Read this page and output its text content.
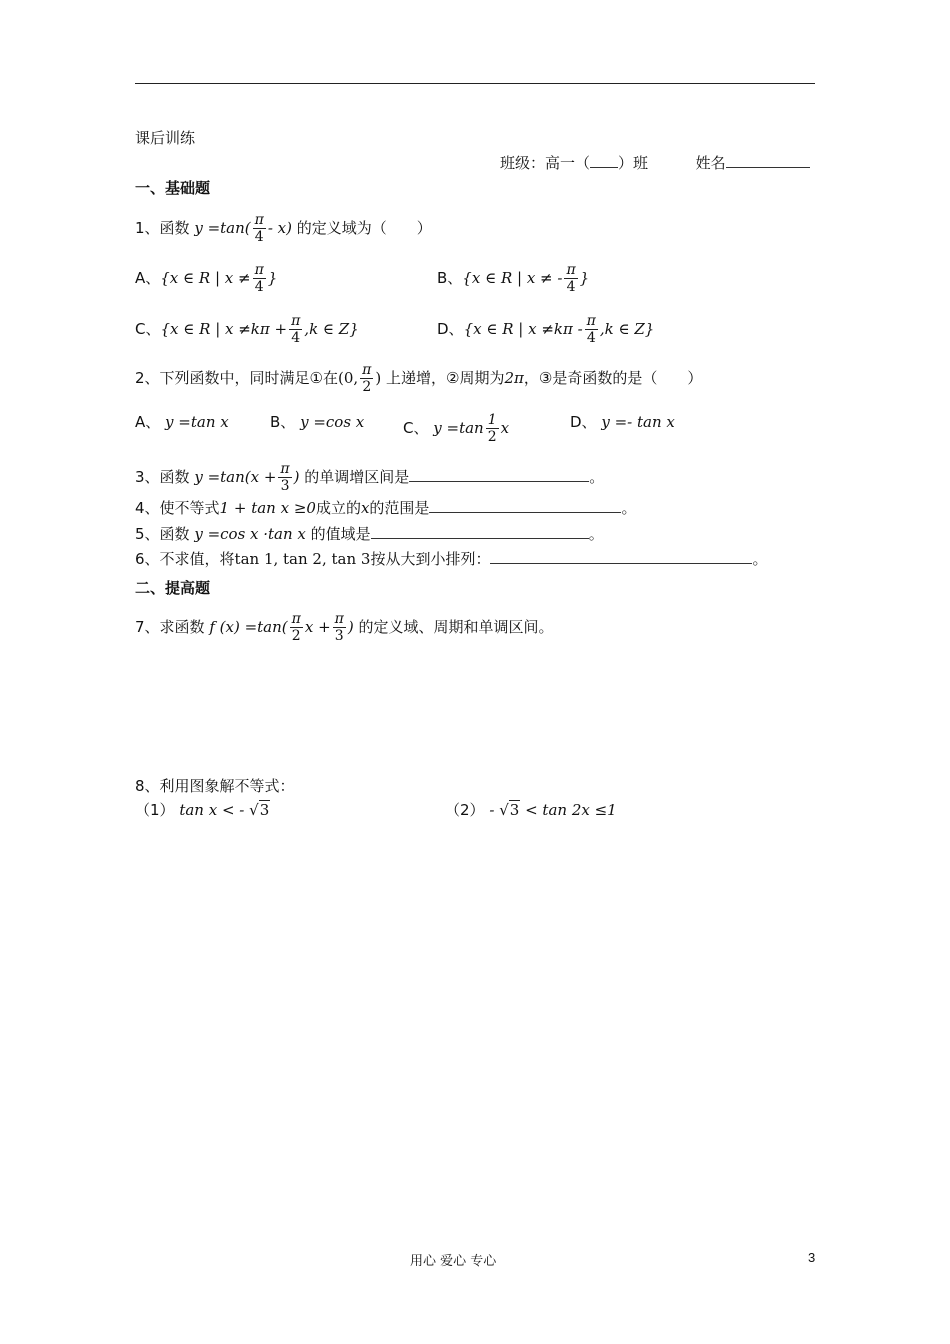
课后训练
班级：高一（ ）班	姓名
一、基础题
1、函数 $y =\tan( \frac{\pi}{4} - x)$ 的定义域为（　　）
A、{x ∈ R | $x \ne \frac{\pi}{4}$ }	B、{x ∈ R | x ≠ - $\frac{\pi}{4}$ }
C、{x ∈ R | $x \ne k\pi + \frac{\pi}{4} ,k$ ∈ Z}	D、{x ∈ R | $x \ne k\pi - \frac{\pi}{4} ,k$ ∈ Z}
2、下列函数中，同时满足①在(0, $\frac{\pi}{2}$ ) 上递增，②周期为2π，③是奇函数的是（　　）
A、 y =tan x	B、 y =cos x	C、 $y =\tan \frac{1}{2}$ x	D、 y =- tan x
3、函数 $y =\tan(x + \frac{\pi}{3}$ ) 的单调增区间是	。
4、使不等式1 + tan x ≥0成立的x的范围是	。
5、函数 y =cos x ·tan x 的值域是	。
6、不求值，将tan 1, tan 2, tan 3按从大到小排列：	。
二、提高题
7、求函数 f $(x) =\tan( \frac{\pi}{2}$ $x + \frac{\pi}{3}$ ) 的定义域、周期和单调区间。
8、利用图象解不等式：
（1） tan x < - √3	（2） - √3 < tan 2x ≤1
用心 爱心 专心	3
